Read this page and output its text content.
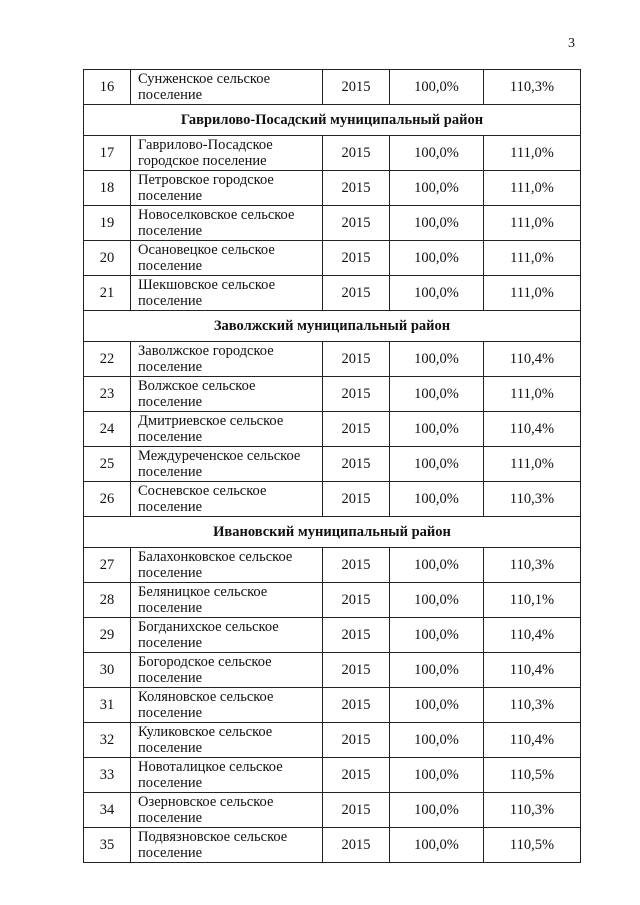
3
16	Сунженское сельское поселение	2015	100,0%	110,3%
Гаврилово-Посадский муниципальный район				
17	Гаврилово-Посадское городское поселение	2015	100,0%	111,0%
18	Петровское городское поселение	2015	100,0%	111,0%
19	Новоселковское сельское поселение	2015	100,0%	111,0%
20	Осановецкое сельское поселение	2015	100,0%	111,0%
21	Шекшовское сельское поселение	2015	100,0%	111,0%
Заволжский муниципальный район				
22	Заволжское городское поселение	2015	100,0%	110,4%
23	Волжское сельское поселение	2015	100,0%	111,0%
24	Дмитриевское сельское поселение	2015	100,0%	110,4%
25	Междуреченское сельское поселение	2015	100,0%	111,0%
26	Сосневское сельское поселение	2015	100,0%	110,3%
Ивановский муниципальный район				
27	Балахонковское сельское поселение	2015	100,0%	110,3%
28	Беляницкое сельское поселение	2015	100,0%	110,1%
29	Богданихское сельское поселение	2015	100,0%	110,4%
30	Богородское сельское поселение	2015	100,0%	110,4%
31	Коляновское сельское поселение	2015	100,0%	110,3%
32	Куликовское сельское поселение	2015	100,0%	110,4%
33	Новоталицкое сельское поселение	2015	100,0%	110,5%
34	Озерновское сельское поселение	2015	100,0%	110,3%
35	Подвязновское сельское поселение	2015	100,0%	110,5%
